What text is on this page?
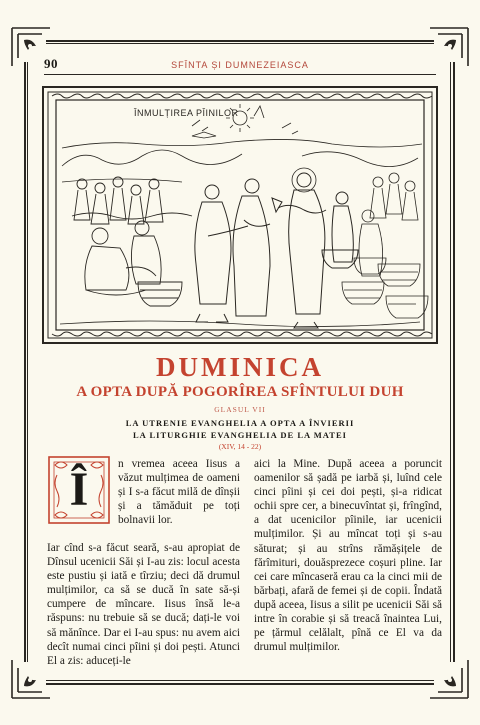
90	SFÎNTA ȘI DUMNEZEIASCA
ÎNMULȚIREA PÎINILOR
DUMINICA
A OPTA DUPĂ POGORÎREA SFÎNTULUI DUH
GLASUL VII
LA UTRENIE EVANGHELIA A OPTA A ÎNVIERII
LA LITURGHIE EVANGHELIA DE LA MATEI
(XIV, 14 - 22)
Î	n vremea aceea Iisus a văzut mulțimea de oameni și I s-a făcut milă de dînșii și a tămăduit pe toți bolnavii lor.

Iar cînd s-a făcut seară, s-au apropiat de Dînsul ucenicii Săi și I-au zis: locul acesta este pustiu și iată e tîrziu; deci dă drumul mulțimilor, ca să se ducă în sate să-și cumpere de mîncare. Iisus însă le-a răspuns: nu trebuie să se ducă; dați-le voi să mănînce. Dar ei I-au spus: nu avem aici decît numai cinci pîini și doi pești. Atunci El a zis: aduceți-le

aici la Mine. După aceea a poruncit oamenilor să șadă pe iarbă și, luînd cele cinci pîini și cei doi pești, și-a ridicat ochii spre cer, a binecuvîntat și, frîngînd, a dat ucenicilor pîinile, iar ucenicii mulțimilor. Și au mîncat toți și s-au săturat; și au strîns rămășițele de fărîmituri, douăsprezece coșuri pline. Iar cei care mîncaseră erau ca la cinci mii de bărbați, afară de femei și de copii. Îndată după aceea, Iisus a silit pe ucenicii Săi să intre în corabie și să treacă înaintea Lui, pe țărmul celălalt, pînă ce El va da drumul mulțimilor.
